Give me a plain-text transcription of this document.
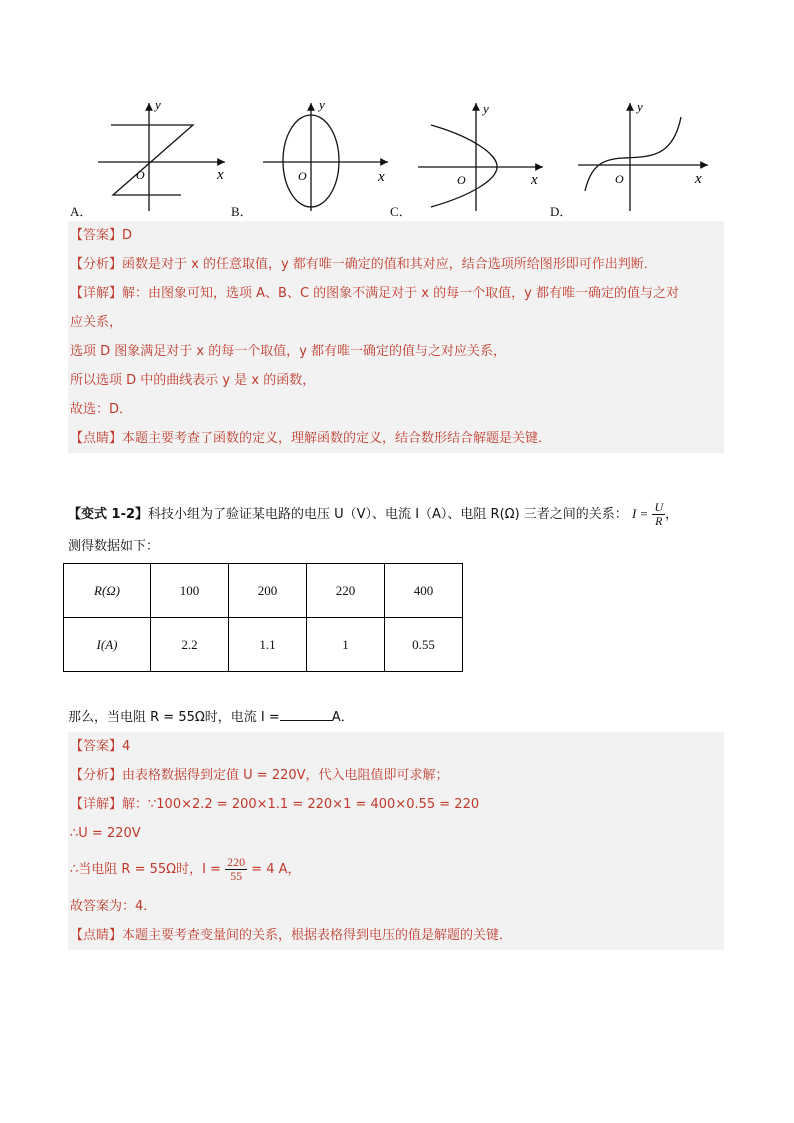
y
x
O
A．
y
x
O
B．
y
x
O
C．
y
x
O
D．
【答案】D
【分析】函数是对于 x 的任意取值，y 都有唯一确定的值和其对应，结合选项所给图形即可作出判断．
【详解】解：由图象可知，选项 A、B、C 的图象不满足对于 x 的每一个取值，y 都有唯一确定的值与之对
应关系，
选项 D 图象满足对于 x 的每一个取值，y 都有唯一确定的值与之对应关系，
所以选项 D 中的曲线表示 y 是 x 的函数，
故选：D．
【点睛】本题主要考查了函数的定义，理解函数的定义，结合数形结合解题是关键．
【变式 1-2】科技小组为了验证某电路的电压 U（V）、电流 I（A）、电阻 R(Ω) 三者之间的关系： $I = \frac{U}{R}$ ，
测得数据如下：
R(Ω)	100	200	220	400
I(A)	2.2	1.1	1	0.55
那么，当电阻 R = 55Ω时，电流 I =	A．
【答案】4
【分析】由表格数据得到定值 U = 220V，代入电阻值即可求解；
【详解】解：∵100×2.2 = 200×1.1 = 220×1 = 400×0.55 = 220
∴U = 220V
∴当电阻 R = 55Ω时，$I = \frac{220}{55} = 4$ A，
故答案为：4．
【点睛】本题主要考查变量间的关系，根据表格得到电压的值是解题的关键．
